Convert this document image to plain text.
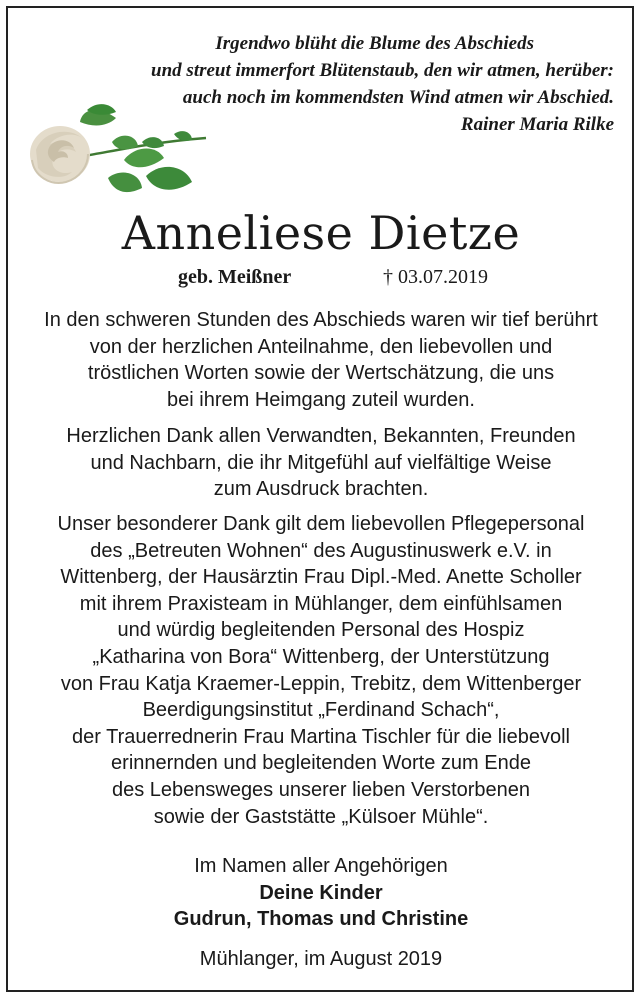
Irgendwo blüht die Blume des Abschieds
und streut immerfort Blütenstaub, den wir atmen, herüber:
auch noch im kommendsten Wind atmen wir Abschied.
Rainer Maria Rilke
Anneliese Dietze
geb. Meißner	† 03.07.2019
In den schweren Stunden des Abschieds waren wir tief berührt
von der herzlichen Anteilnahme, den liebevollen und
tröstlichen Worten sowie der Wertschätzung, die uns
bei ihrem Heimgang zuteil wurden.
Herzlichen Dank allen Verwandten, Bekannten, Freunden
und Nachbarn, die ihr Mitgefühl auf vielfältige Weise
zum Ausdruck brachten.
Unser besonderer Dank gilt dem liebevollen Pflegepersonal
des „Betreuten Wohnen“ des Augustinuswerk e.V. in
Wittenberg, der Hausärztin Frau Dipl.-Med. Anette Scholler
mit ihrem Praxisteam in Mühlanger, dem einfühlsamen
und würdig begleitenden Personal des Hospiz
„Katharina von Bora“ Wittenberg, der Unterstützung
von Frau Katja Kraemer-Leppin, Trebitz, dem Wittenberger
Beerdigungsinstitut „Ferdinand Schach“,
der Trauerrednerin Frau Martina Tischler für die liebevoll
erinnernden und begleitenden Worte zum Ende
des Lebensweges unserer lieben Verstorbenen
sowie der Gaststätte „Külsoer Mühle“.
Im Namen aller Angehörigen
Deine Kinder
Gudrun, Thomas und Christine
Mühlanger, im August 2019
